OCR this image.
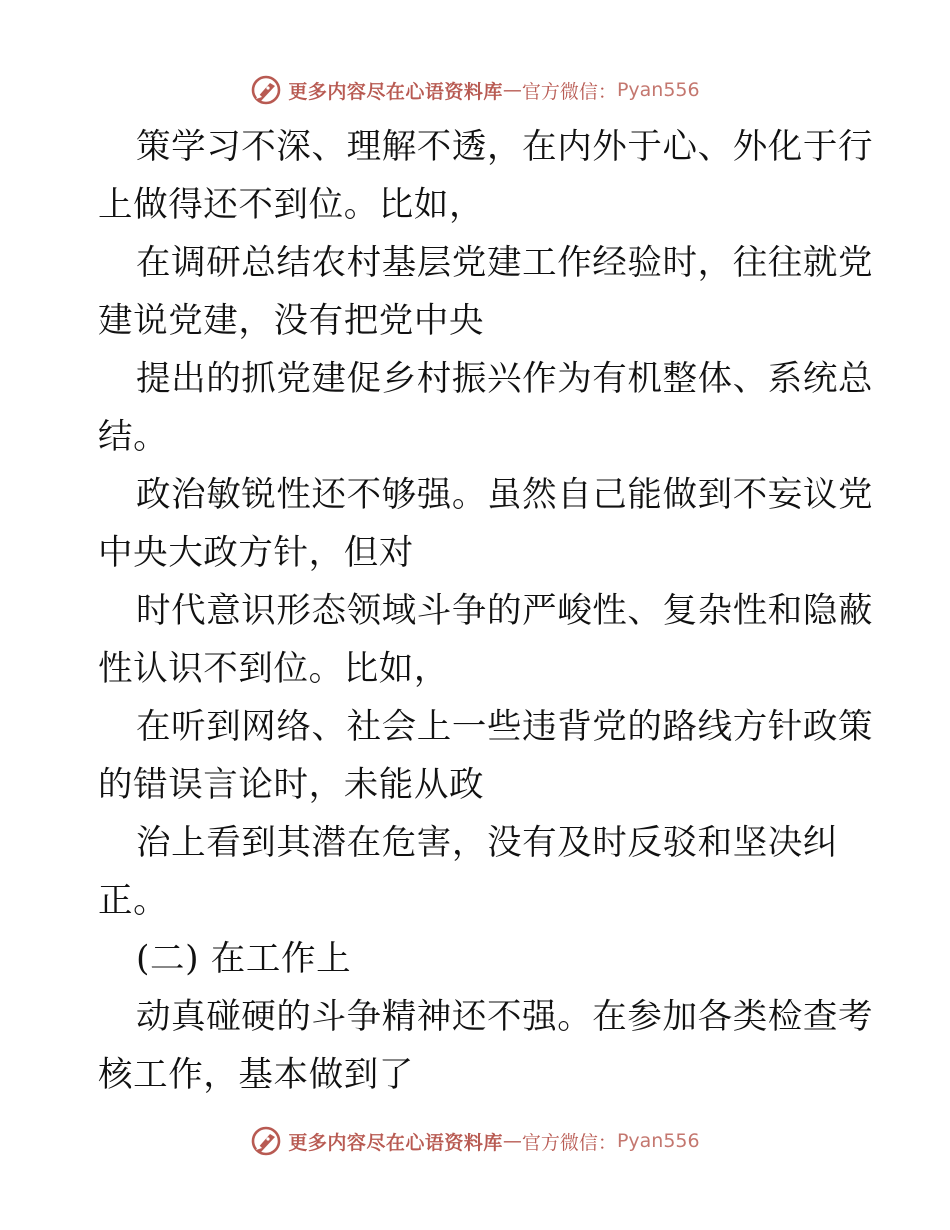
更多内容尽在心语资料库 — 官方微信： Pyan556
策学习不深、理解不透，在内外于心、外化于行
上做得还不到位。比如，
在调研总结农村基层党建工作经验时，往往就党
建说党建，没有把党中央
提出的抓党建促乡村振兴作为有机整体、系统总
结。
政治敏锐性还不够强。虽然自己能做到不妄议党
中央大政方针，但对
时代意识形态领域斗争的严峻性、复杂性和隐蔽
性认识不到位。比如，
在听到网络、社会上一些违背党的路线方针政策
的错误言论时，未能从政
治上看到其潜在危害，没有及时反驳和坚决纠
正。
(二) 在工作上
动真碰硬的斗争精神还不强。在参加各类检查考
核工作，基本做到了
更多内容尽在心语资料库 — 官方微信： Pyan556
